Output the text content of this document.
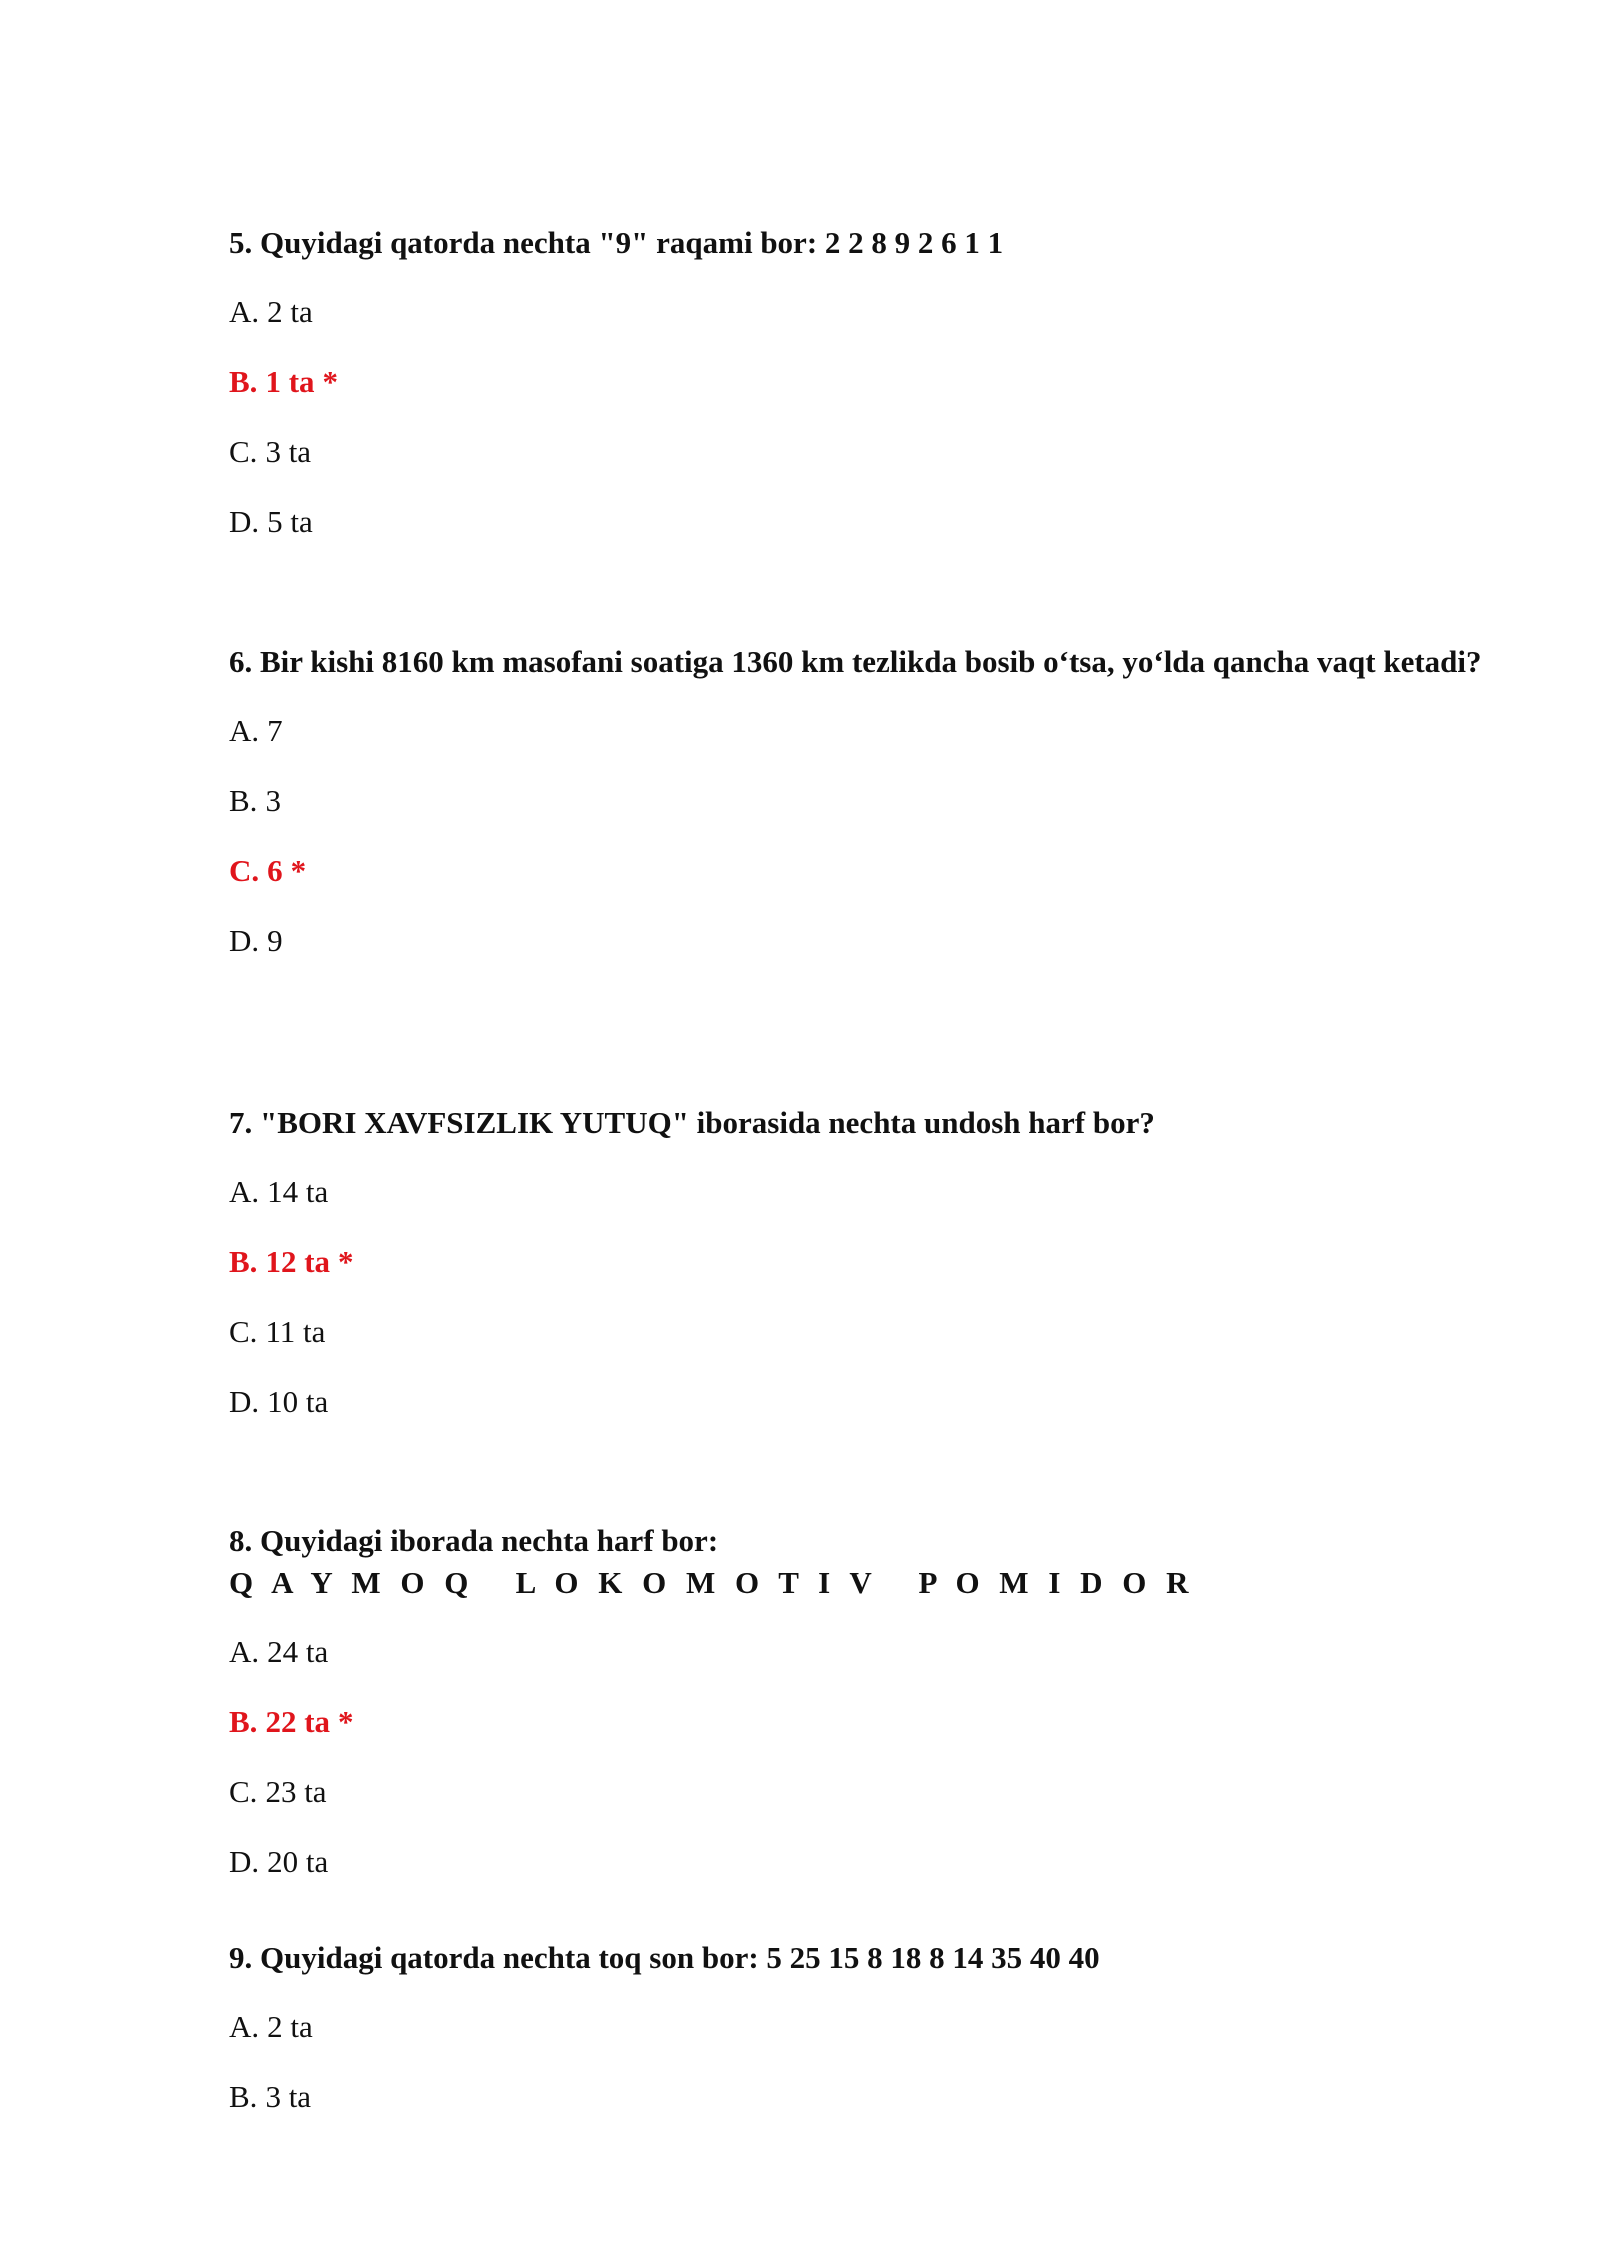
5. Quyidagi qatorda nechta "9" raqami bor: 2 2 8 9 2 6 1 1

A. 2 ta
B. 1 ta *
C. 3 ta
D. 5 ta

6. Bir kishi 8160 km masofani soatiga 1360 km tezlikda bosib o‘tsa, yo‘lda qancha vaqt ketadi?

A. 7
B. 3
C. 6 *
D. 9

7. "BORI XAVFSIZLIK YUTUQ" iborasida nechta undosh harf bor?

A. 14 ta
B. 12 ta *
C. 11 ta
D. 10 ta

8. Quyidagi iborada nechta harf bor: Q A Y M O Q   L O K O M O T I V   P O M I D O R

A. 24 ta
B. 22 ta *
C. 23 ta
D. 20 ta

9. Quyidagi qatorda nechta toq son bor: 5 25 15 8 18 8 14 35 40 40

A. 2 ta
B. 3 ta
